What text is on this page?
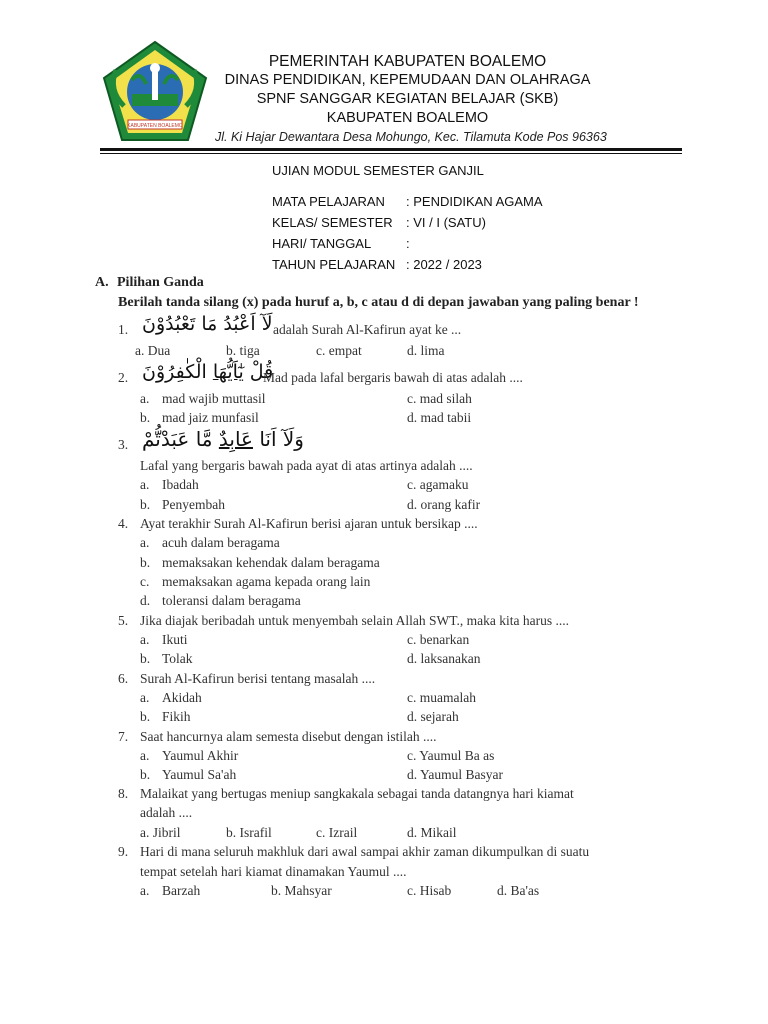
KABUPATEN BOALEMO
PEMERINTAH KABUPATEN BOALEMO
DINAS PENDIDIKAN, KEPEMUDAAN DAN OLAHRAGA
SPNF SANGGAR KEGIATAN BELAJAR (SKB)
KABUPATEN BOALEMO
Jl. Ki Hajar Dewantara Desa Mohungo, Kec. Tilamuta Kode Pos 96363
UJIAN MODUL SEMESTER GANJIL
MATA PELAJARAN : PENDIDIKAN AGAMA
KELAS/ SEMESTER : VI / I (SATU)
HARI/ TANGGAL	:
TAHUN PELAJARAN : 2022 / 2023
A. Pilihan Ganda
Berilah tanda silang (x) pada huruf a, b, c atau d di depan jawaban yang paling benar !
1. لَآ اَعْبُدُ مَا تَعْبُدُوْنَ adalah Surah Al-Kafirun ayat ke ...
a. Dua	b. tiga	c. empat	d. lima
2.	قُلْ يٰٓاَيُّهَا الْكٰفِرُوْنَ	Mad pada lafal bergaris bawah di atas adalah ....
a. mad wajib muttasil
b. mad jaiz munfasil
c. mad silah
d. mad tabii
3.	وَلَآ اَنَا عَابِدٌ مَّا عَبَدْتُّمْ
Lafal yang bergaris bawah pada ayat di atas artinya adalah ....
a. Ibadah
b. Penyembah
c. agamaku
d. orang kafir
4. Ayat terakhir Surah Al-Kafirun berisi ajaran untuk bersikap ....
a. acuh dalam beragama
b. memaksakan kehendak dalam beragama
c. memaksakan agama kepada orang lain
d. toleransi dalam beragama
5. Jika diajak beribadah untuk menyembah selain Allah SWT., maka kita harus ....
a. Ikuti
b. Tolak
c. benarkan
d. laksanakan
6. Surah Al-Kafirun berisi tentang masalah ....
a. Akidah
b. Fikih
c. muamalah
d. sejarah
7. Saat hancurnya alam semesta disebut dengan istilah ....
a. Yaumul Akhir
b. Yaumul Sa'ah
c. Yaumul Ba as
d. Yaumul Basyar
8. Malaikat yang bertugas meniup sangkakala sebagai tanda datangnya hari kiamat
adalah ....
a. Jibril	b. Israfil	c. Izrail	d. Mikail
9. Hari di mana seluruh makhluk dari awal sampai akhir zaman dikumpulkan di suatu
tempat setelah hari kiamat dinamakan Yaumul ....
a. Barzah	b. Mahsyar	c. Hisab	d. Ba'as
